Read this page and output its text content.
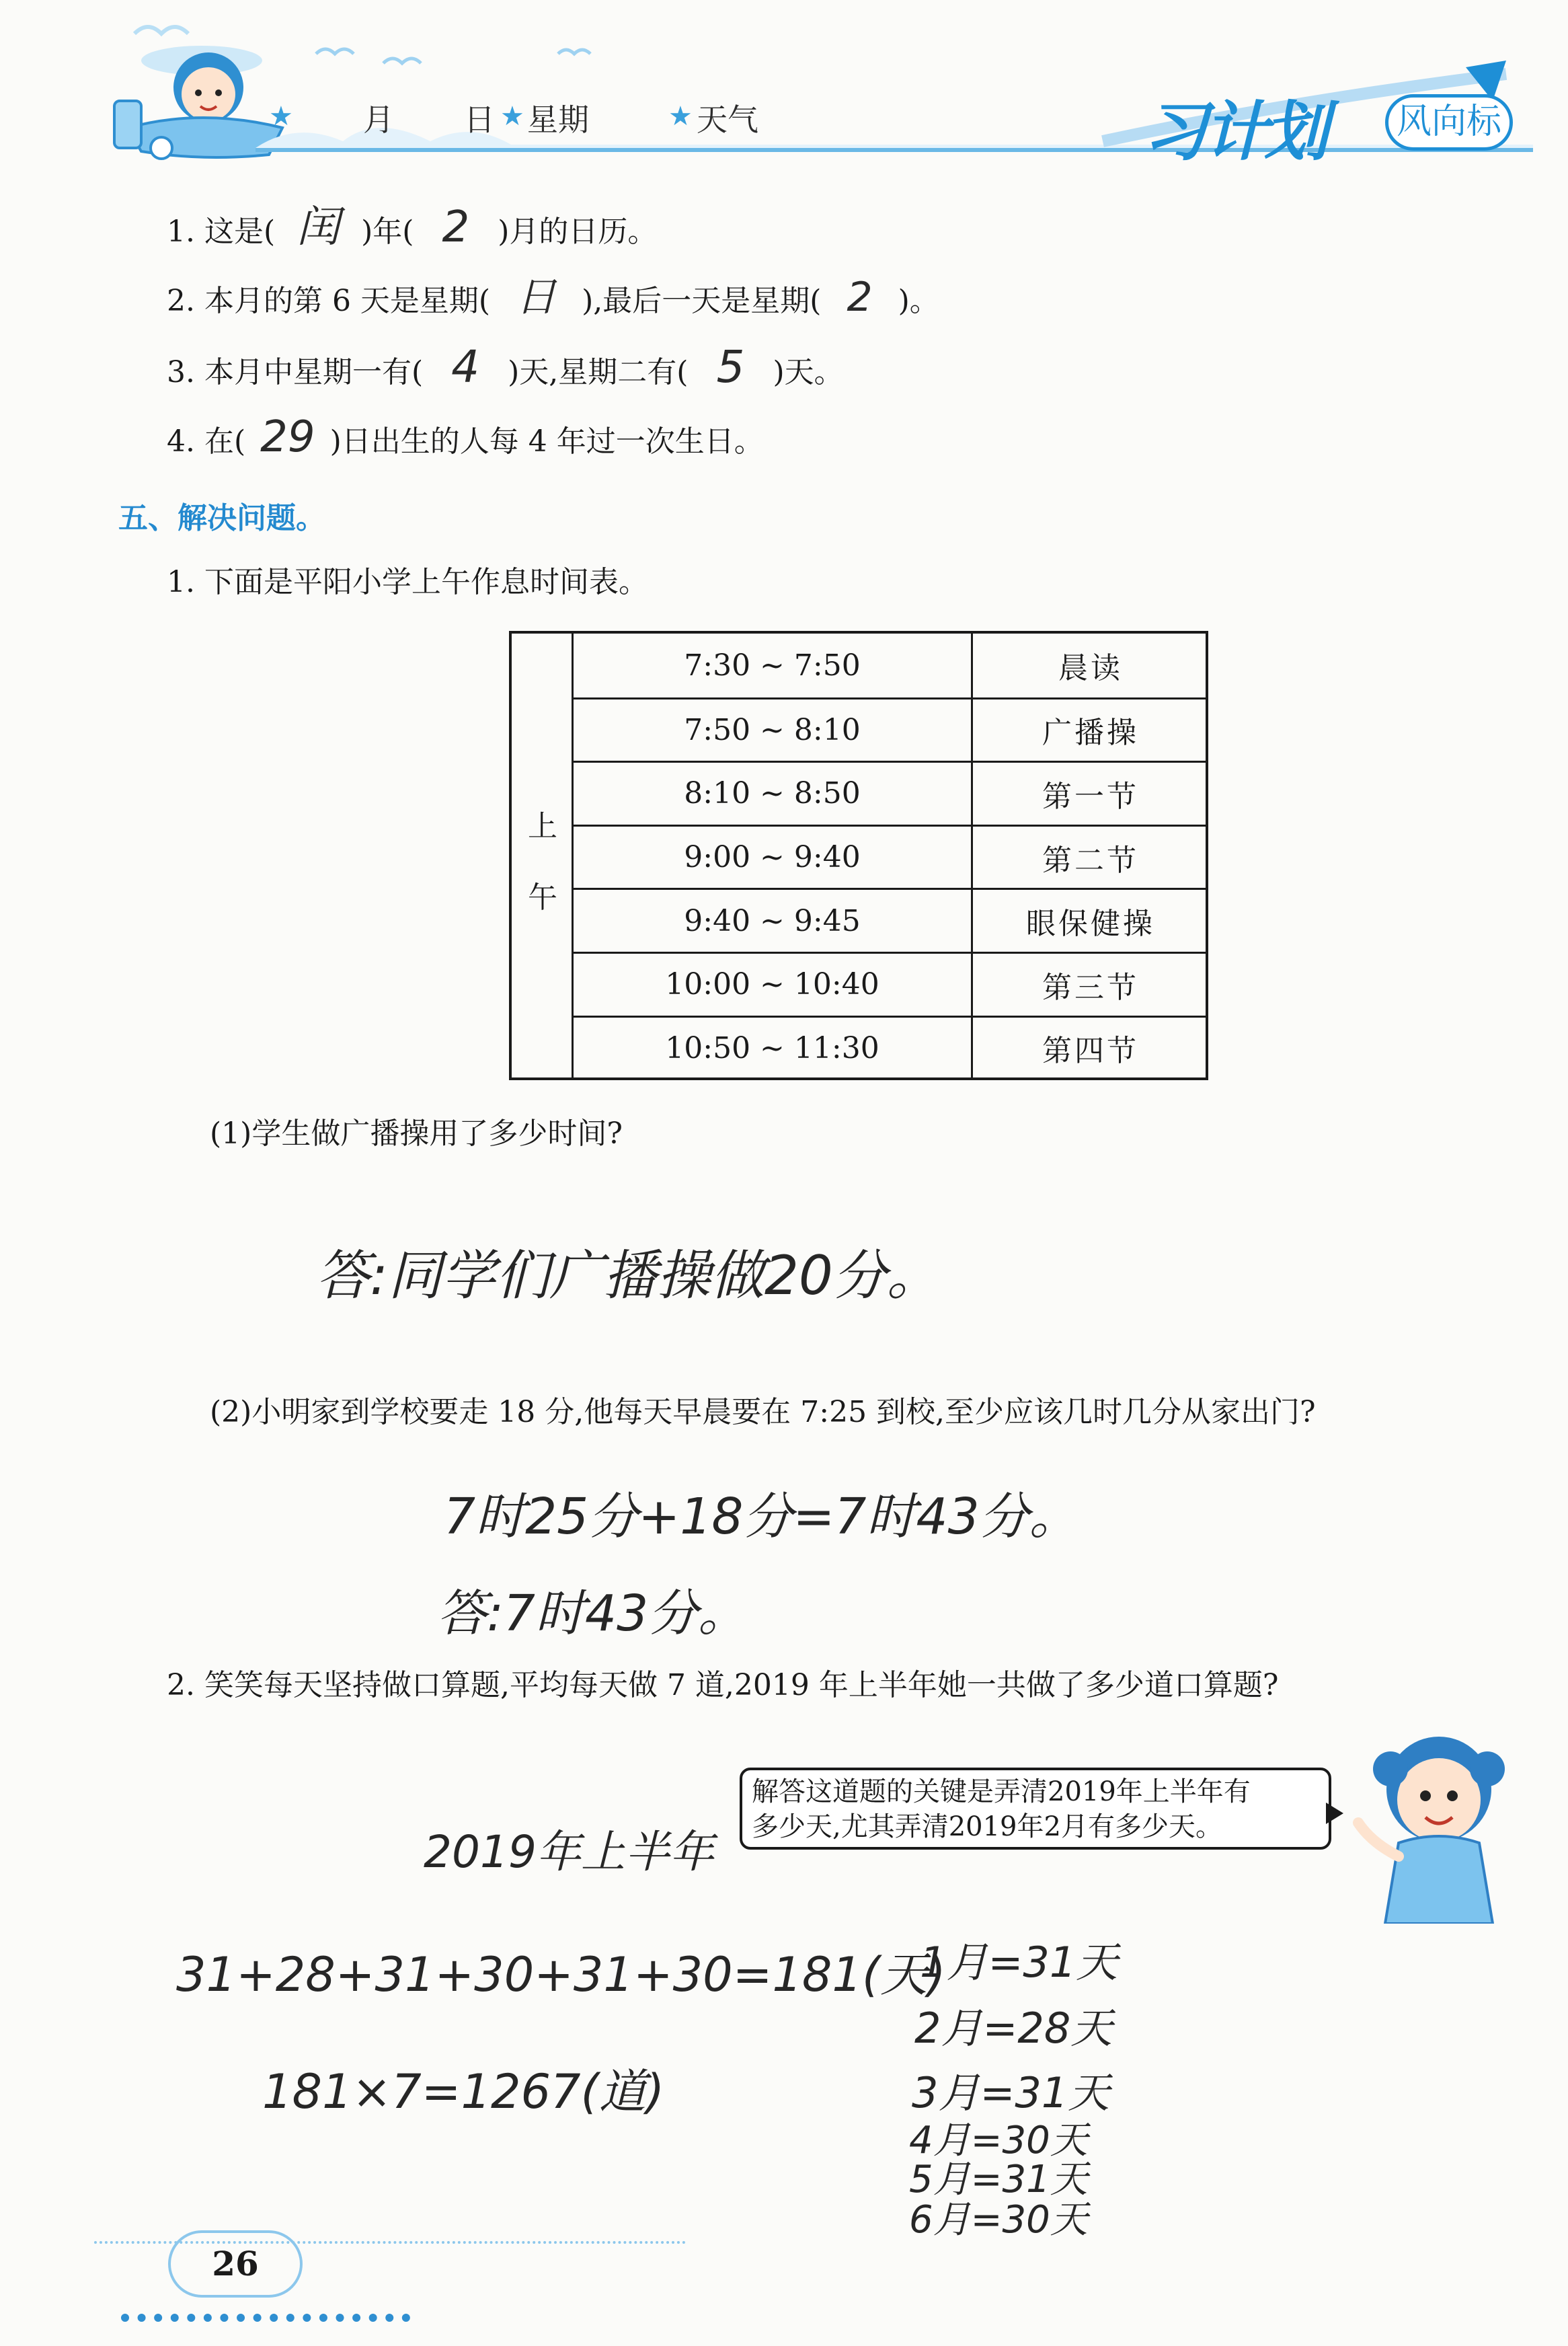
★ 月 日 ★ 星期	★ 天气	习计划	风向标
1. 这是( 闰 )年( 2 )月的日历。
2. 本月的第 6 天是星期( 日 ),最后一天是星期( 2 )。
3. 本月中星期一有( 4 )天,星期二有( 5 )天。
4. 在( 29 )日出生的人每 4 年过一次生日。
五、解决问题。
1. 下面是平阳小学上午作息时间表。
上
午
7:30 ~ 7:50	晨读
7:50 ~ 8:10	广播操
8:10 ~ 8:50	第一节
9:00 ~ 9:40	第二节
9:40 ~ 9:45	眼保健操
10:00 ~ 10:40	第三节
10:50 ~ 11:30	第四节
(1)学生做广播操用了多少时间?
答:同学们广播操做20分。
(2)小明家到学校要走 18 分,他每天早晨要在 7:25 到校,至少应该几时几分从家出门?
7时25分+18分=7时43分。
答:7时43分。
2. 笑笑每天坚持做口算题,平均每天做 7 道,2019 年上半年她一共做了多少道口算题?
解答这道题的关键是弄清2019年上半年有
多少天,尤其弄清2019年2月有多少天。
2019年上半年
31+28+31+30+31+30=181(天)
181×7=1267(道)
1月=31天
2月=28天
3月=31天
4月=30天
5月=31天
6月=30天
26
